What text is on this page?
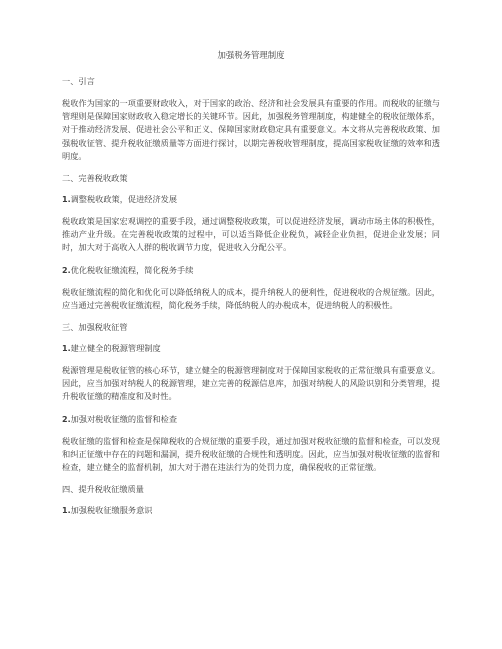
加强税务管理制度
一、引言
税收作为国家的一项重要财政收入，对于国家的政治、经济和社会发展具有重要的作用。而税收的征缴与管理则是保障国家财政收入稳定增长的关键环节。因此，加强税务管理制度，构建健全的税收征缴体系，对于推动经济发展、促进社会公平和正义、保障国家财政稳定具有重要意义。本文将从完善税收政策、加强税收征管、提升税收征缴质量等方面进行探讨，以期完善税收管理制度，提高国家税收征缴的效率和透明度。
二、完善税收政策
1.调整税收政策，促进经济发展
税收政策是国家宏观调控的重要手段，通过调整税收政策，可以促进经济发展，调动市场主体的积极性，推动产业升级。在完善税收政策的过程中，可以适当降低企业税负，减轻企业负担，促进企业发展；同时，加大对于高收入人群的税收调节力度，促进收入分配公平。
2.优化税收征缴流程，简化税务手续
税收征缴流程的简化和优化可以降低纳税人的成本，提升纳税人的便利性，促进税收的合规征缴。因此，应当通过完善税收征缴流程，简化税务手续，降低纳税人的办税成本，促进纳税人的积极性。
三、加强税收征管
1.建立健全的税源管理制度
税源管理是税收征管的核心环节，建立健全的税源管理制度对于保障国家税收的正常征缴具有重要意义。因此，应当加强对纳税人的税源管理，建立完善的税源信息库，加强对纳税人的风险识别和分类管理，提升税收征缴的精准度和及时性。
2.加强对税收征缴的监督和检查
税收征缴的监督和检查是保障税收的合规征缴的重要手段，通过加强对税收征缴的监督和检查，可以发现和纠正征缴中存在的问题和漏洞，提升税收征缴的合规性和透明度。因此，应当加强对税收征缴的监督和检查，建立健全的监督机制，加大对于潜在违法行为的处罚力度，确保税收的正常征缴。
四、提升税收征缴质量
1.加强税收征缴服务意识
